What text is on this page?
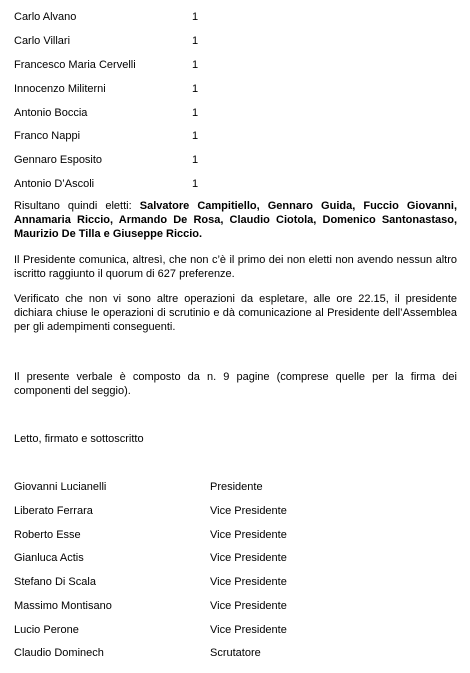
Carlo Alvano	1
Carlo Villari	1
Francesco Maria Cervelli	1
Innocenzo Militerni	1
Antonio Boccia	1
Franco Nappi	1
Gennaro Esposito	1
Antonio D’Ascoli	1

Risultano quindi eletti: Salvatore Campitiello, Gennaro Guida, Fuccio Giovanni, Annamaria Riccio, Armando De Rosa, Claudio Ciotola, Domenico Santonastaso, Maurizio De Tilla e Giuseppe Riccio.

Il Presidente comunica, altresì, che non c’è il primo dei non eletti non avendo nessun altro iscritto raggiunto il quorum di 627 preferenze.

Verificato che non vi sono altre operazioni da espletare, alle ore 22.15, il presidente dichiara chiuse le operazioni di scrutinio e dà comunicazione al Presidente dell’Assemblea per gli adempimenti conseguenti.

Il presente verbale è composto da n. 9 pagine (comprese quelle per la firma dei componenti del seggio).

Letto, firmato e sottoscritto

Giovanni Lucianelli	Presidente
Liberato Ferrara	Vice Presidente
Roberto Esse	Vice Presidente
Gianluca Actis	Vice Presidente
Stefano Di Scala	Vice Presidente
Massimo Montisano	Vice Presidente
Lucio Perone	Vice Presidente
Claudio Dominech	Scrutatore
